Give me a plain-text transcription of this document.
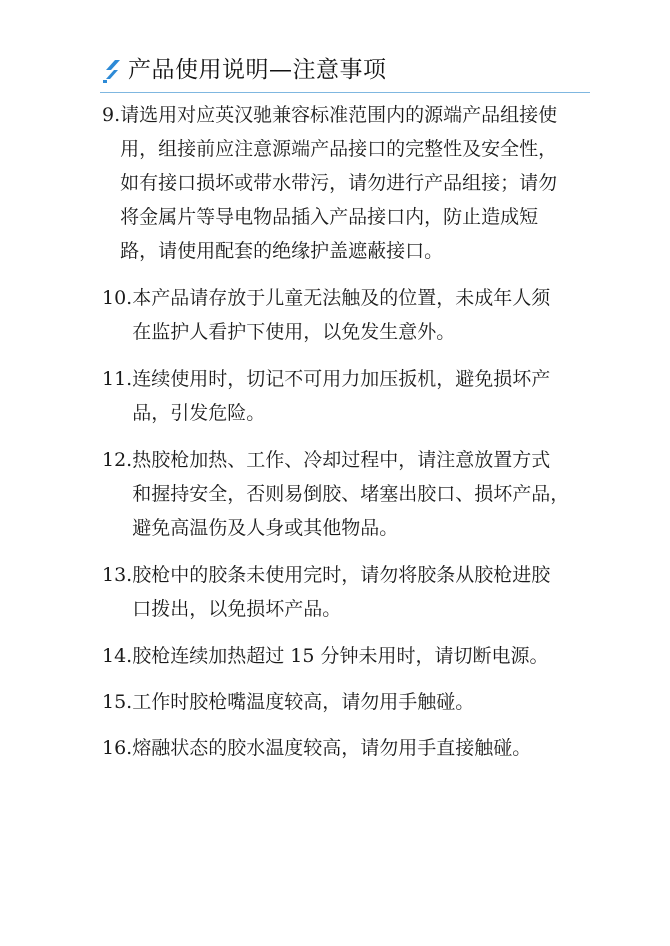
产品使用说明—注意事项
9. 请选用对应英汉驰兼容标准范围内的源端产品组接使
用，组接前应注意源端产品接口的完整性及安全性，
如有接口损坏或带水带污，请勿进行产品组接；请勿
将金属片等导电物品插入产品接口内，防止造成短
路，请使用配套的绝缘护盖遮蔽接口。
10. 本产品请存放于儿童无法触及的位置，未成年人须
在监护人看护下使用，以免发生意外。
11. 连续使用时，切记不可用力加压扳机，避免损坏产
品，引发危险。
12. 热胶枪加热、工作、冷却过程中，请注意放置方式
和握持安全，否则易倒胶、堵塞出胶口、损坏产品，
避免高温伤及人身或其他物品。
13. 胶枪中的胶条未使用完时，请勿将胶条从胶枪进胶
口拨出，以免损坏产品。
14. 胶枪连续加热超过 15 分钟未用时，请切断电源。
15. 工作时胶枪嘴温度较高，请勿用手触碰。
16. 熔融状态的胶水温度较高，请勿用手直接触碰。
